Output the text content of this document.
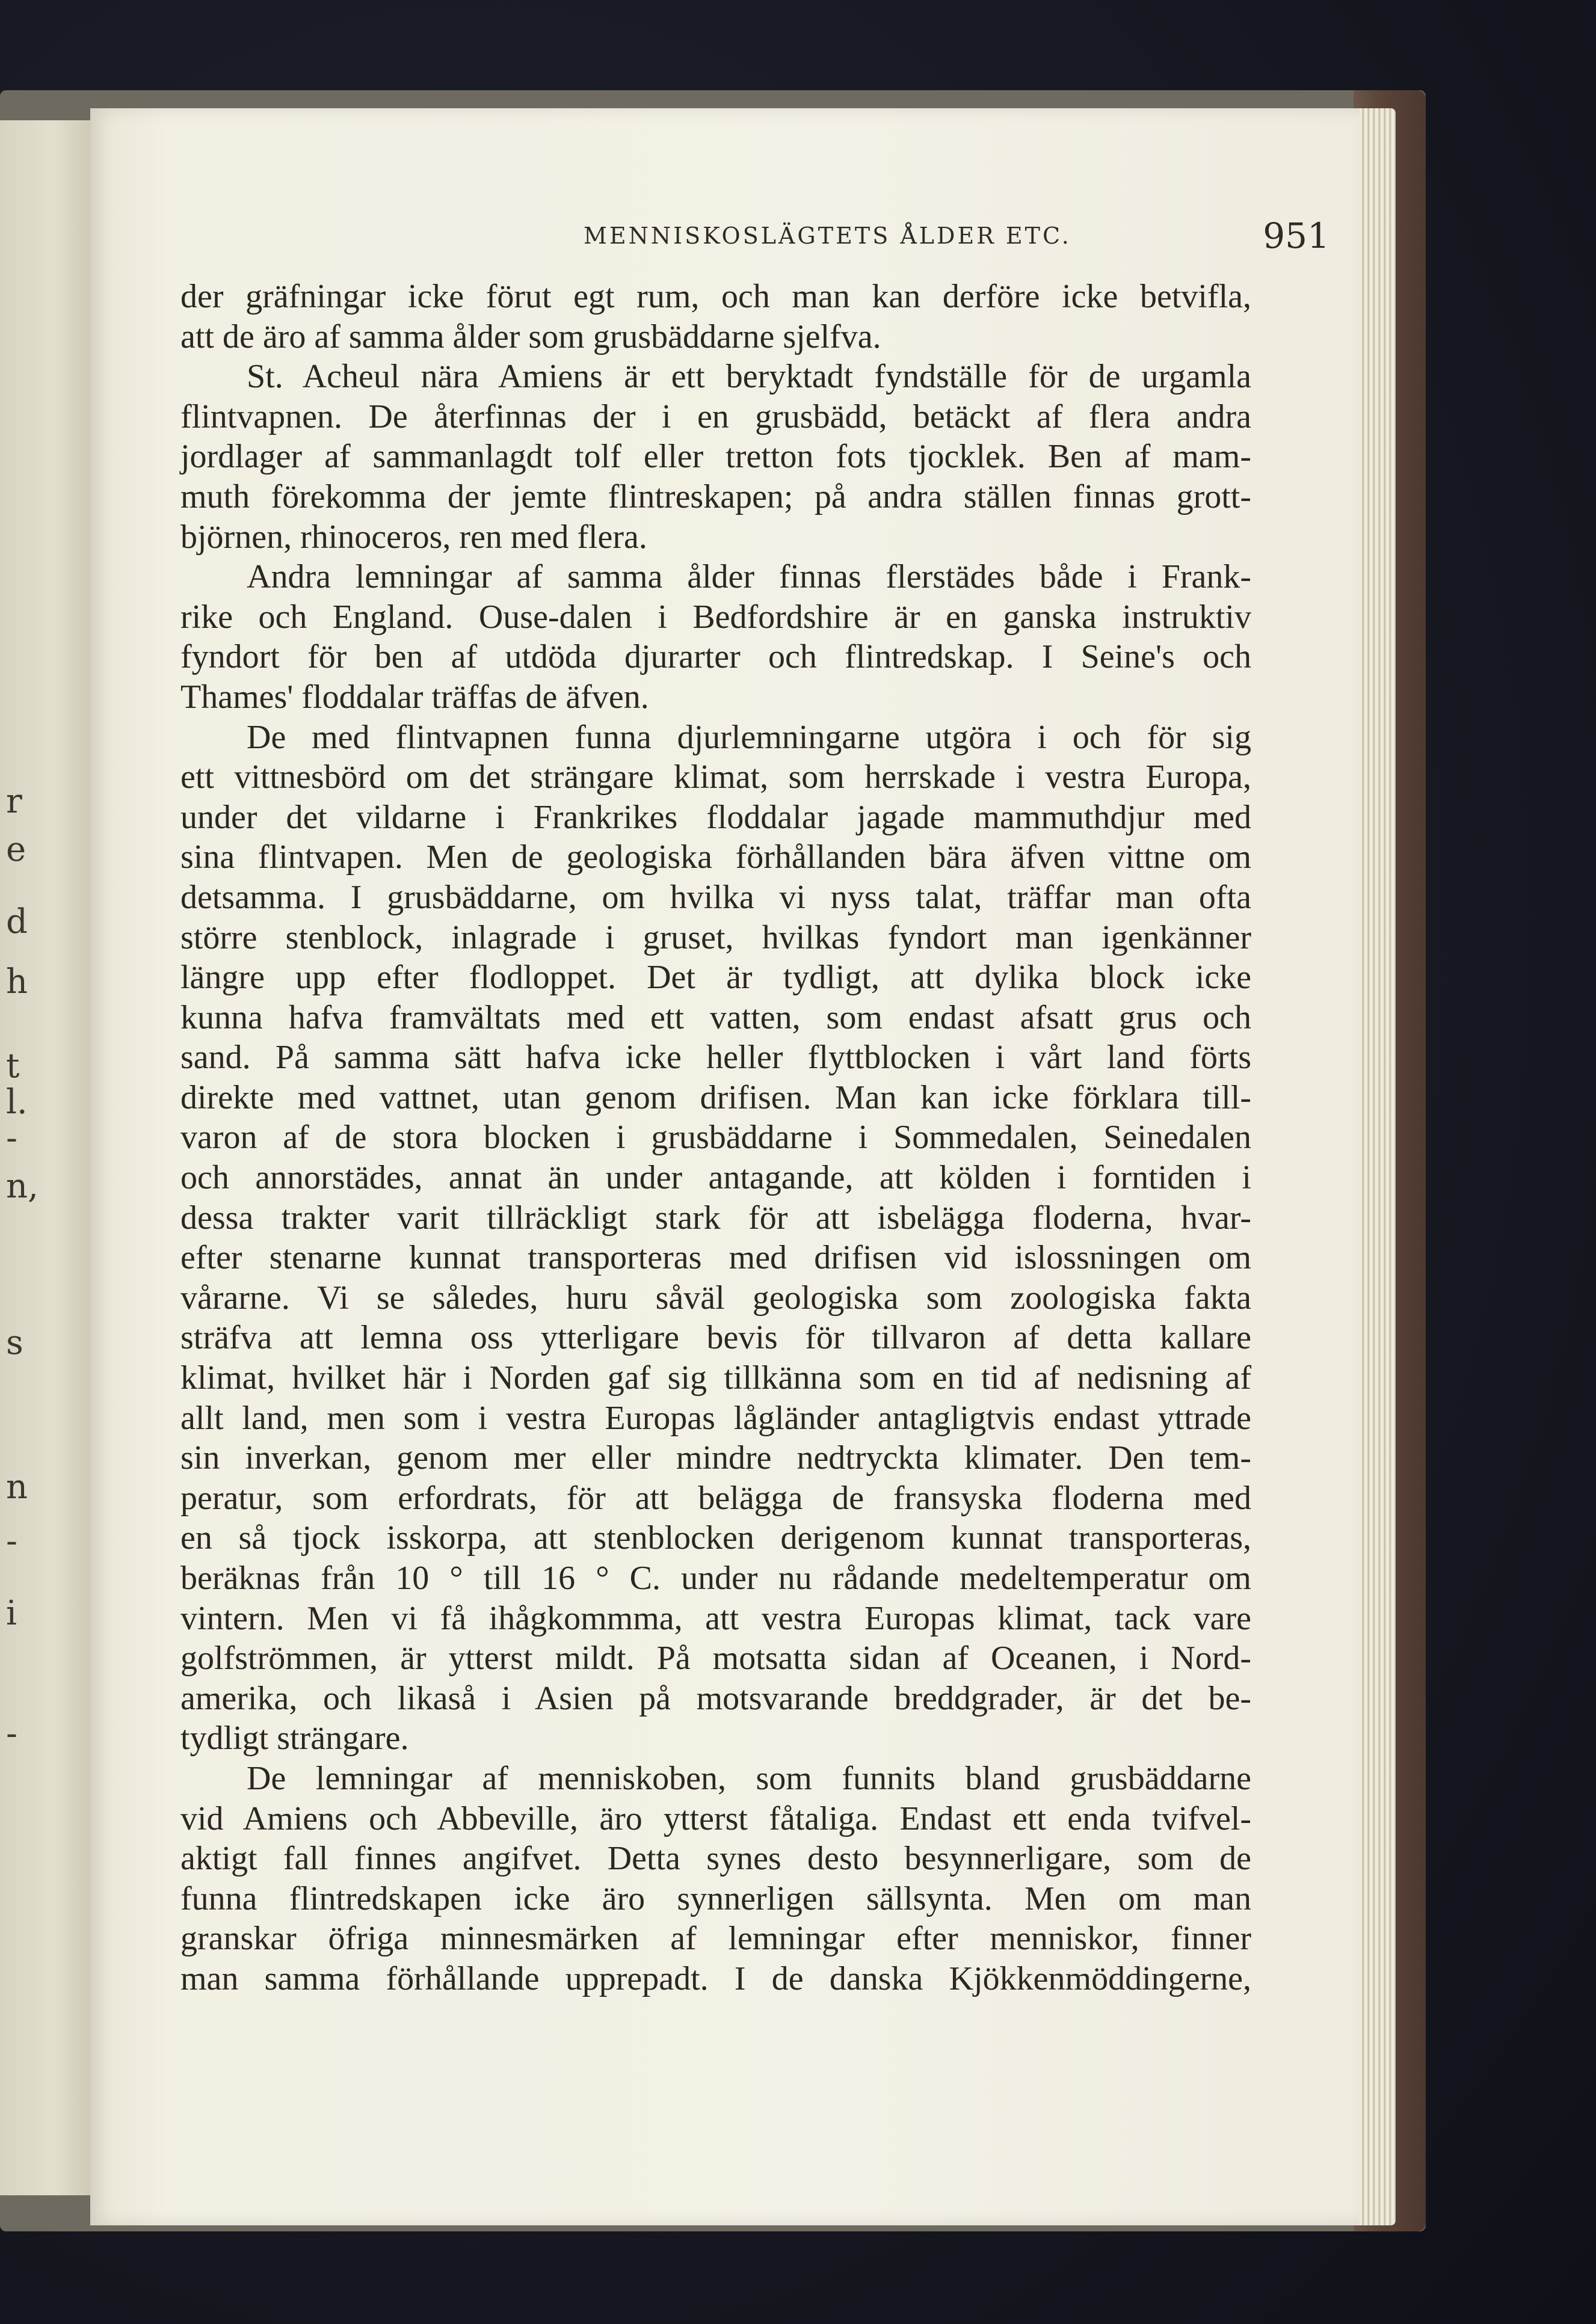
r
e
d
h
t
l.
-
n,
s
n
-
i
-
MENNISKOSLÄGTETS ÅLDER ETC.	951
der gräfningar icke förut egt rum, och man kan derföre icke betvifla,
att de äro af samma ålder som grusbäddarne sjelfva.
St. Acheul nära Amiens är ett beryktadt fyndställe för de urgamla
flintvapnen. De återfinnas der i en grusbädd, betäckt af flera andra
jordlager af sammanlagdt tolf eller tretton fots tjocklek. Ben af mam-
muth förekomma der jemte flintreskapen; på andra ställen finnas grott-
björnen, rhinoceros, ren med flera.
Andra lemningar af samma ålder finnas flerstädes både i Frank-
rike och England. Ouse-dalen i Bedfordshire är en ganska instruktiv
fyndort för ben af utdöda djurarter och flintredskap. I Seine's och
Thames' floddalar träffas de äfven.
De med flintvapnen funna djurlemningarne utgöra i och för sig
ett vittnesbörd om det strängare klimat, som herrskade i vestra Europa,
under det vildarne i Frankrikes floddalar jagade mammuthdjur med
sina flintvapen. Men de geologiska förhållanden bära äfven vittne om
detsamma. I grusbäddarne, om hvilka vi nyss talat, träffar man ofta
större stenblock, inlagrade i gruset, hvilkas fyndort man igenkänner
längre upp efter flodloppet. Det är tydligt, att dylika block icke
kunna hafva framvältats med ett vatten, som endast afsatt grus och
sand. På samma sätt hafva icke heller flyttblocken i vårt land förts
direkte med vattnet, utan genom drifisen. Man kan icke förklara till-
varon af de stora blocken i grusbäddarne i Sommedalen, Seinedalen
och annorstädes, annat än under antagande, att kölden i forntiden i
dessa trakter varit tillräckligt stark för att isbelägga floderna, hvar-
efter stenarne kunnat transporteras med drifisen vid islossningen om
vårarne. Vi se således, huru såväl geologiska som zoologiska fakta
sträfva att lemna oss ytterligare bevis för tillvaron af detta kallare
klimat, hvilket här i Norden gaf sig tillkänna som en tid af nedisning af
allt land, men som i vestra Europas lågländer antagligtvis endast yttrade
sin inverkan, genom mer eller mindre nedtryckta klimater. Den tem-
peratur, som erfordrats, för att belägga de fransyska floderna med
en så tjock isskorpa, att stenblocken derigenom kunnat transporteras,
beräknas från 10 ° till 16 ° C. under nu rådande medeltemperatur om
vintern. Men vi få ihågkommma, att vestra Europas klimat, tack vare
golfströmmen, är ytterst mildt. På motsatta sidan af Oceanen, i Nord-
amerika, och likaså i Asien på motsvarande breddgrader, är det be-
tydligt strängare.
De lemningar af menniskoben, som funnits bland grusbäddarne
vid Amiens och Abbeville, äro ytterst fåtaliga. Endast ett enda tvifvel-
aktigt fall finnes angifvet. Detta synes desto besynnerligare, som de
funna flintredskapen icke äro synnerligen sällsynta. Men om man
granskar öfriga minnesmärken af lemningar efter menniskor, finner
man samma förhållande upprepadt. I de danska Kjökkenmöddingerne,
